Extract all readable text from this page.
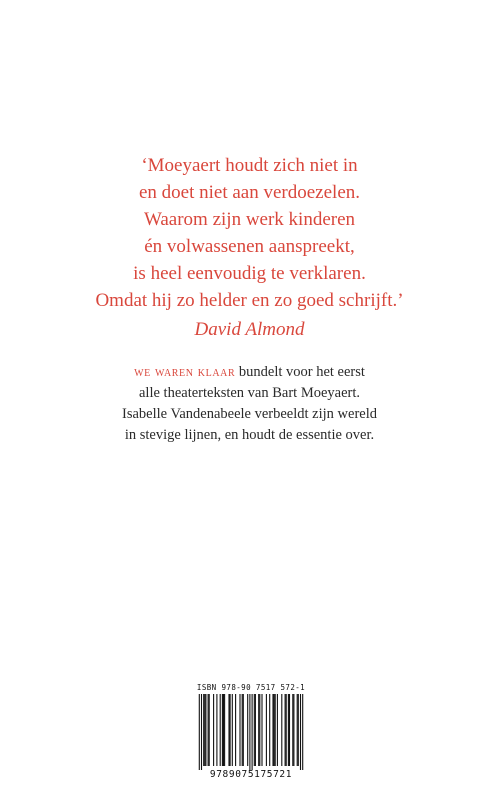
‘Moeyaert houdt zich niet in
en doet niet aan verdoezelen.
Waarom zijn werk kinderen
én volwassenen aanspreekt,
is heel eenvoudig te verklaren.
Omdat hij zo helder en zo goed schrijft.’
David Almond
we waren klaar bundelt voor het eerst
alle theaterteksten van Bart Moeyaert.
Isabelle Vandenabeele verbeeldt zijn wereld
in stevige lijnen, en houdt de essentie over.
ISBN 978-90 7517 572-1
9789075175721
